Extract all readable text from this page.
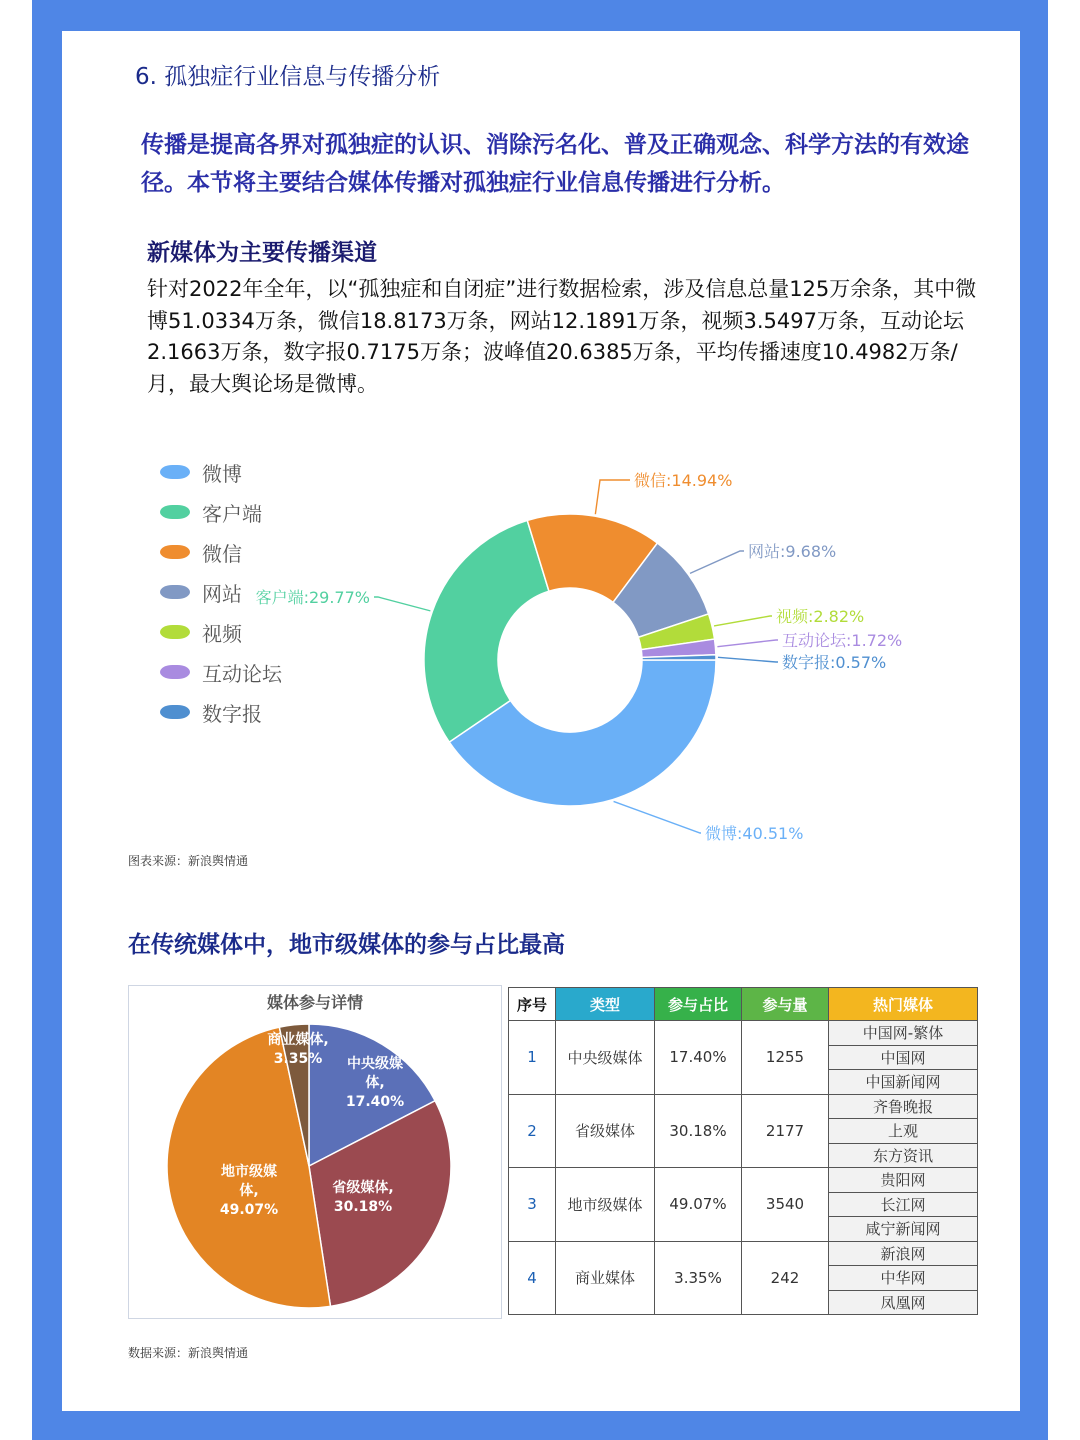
6. 孤独症行业信息与传播分析
传播是提高各界对孤独症的认识、消除污名化、普及正确观念、科学方法的有效途径。本节将主要结合媒体传播对孤独症行业信息传播进行分析。
新媒体为主要传播渠道
针对2022年全年，以“孤独症和自闭症”进行数据检索，涉及信息总量125万余条，其中微博51.0334万条，微信18.8173万条，网站12.1891万条，视频3.5497万条，互动论坛2.1663万条，数字报0.7175万条；波峰值20.6385万条，平均传播速度10.4982万条/月，最大舆论场是微博。
微博
客户端
微信
网站
视频
互动论坛
数字报
微博:40.51%
客户端:29.77%
微信:14.94%
网站:9.68%
视频:2.82%
互动论坛:1.72%
数字报:0.57%
图表来源：新浪舆情通
在传统媒体中，地市级媒体的参与占比最高
中央级媒体, 17.40%
省级媒体, 30.18%
地市级媒体, 49.07%
商业媒体, 3.35%
媒体参与详情	序号	类型	参与占比	参与量	热门媒体
1	中央级媒体	17.40%	1255	中国网-繁体
				中国网
				中国新闻网
2	省级媒体	30.18%	2177	齐鲁晚报
				上观
				东方资讯
3	地市级媒体	49.07%	3540	贵阳网
				长江网
				咸宁新闻网
4	商业媒体	3.35%	242	新浪网
				中华网
				凤凰网
数据来源：新浪舆情通
